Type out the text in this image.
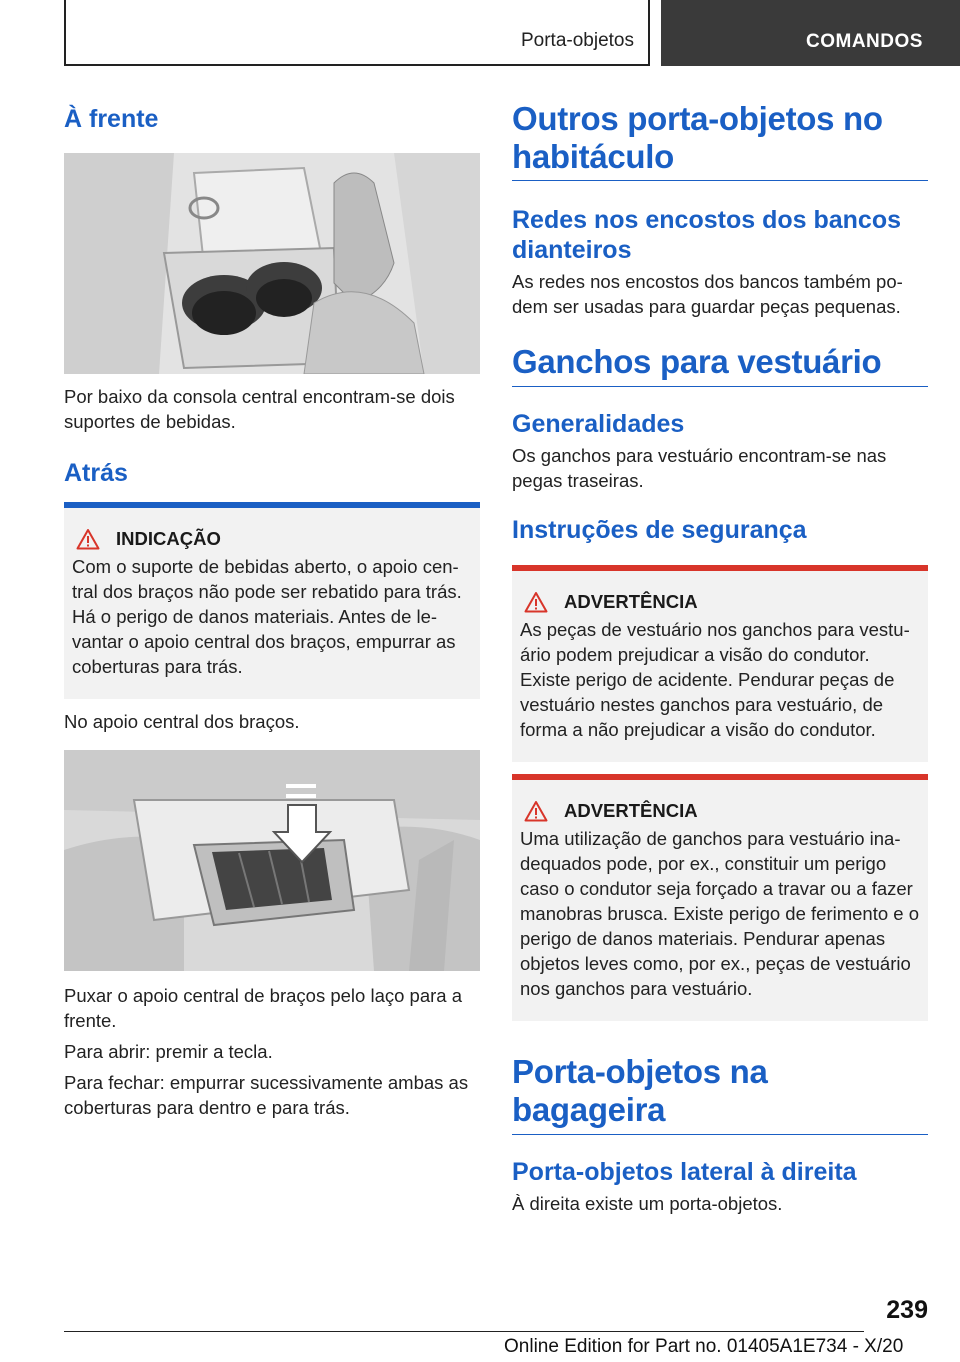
Porta-objetos	COMANDOS
À frente

Por baixo da consola central encontram-se dois suportes de bebidas.

Atrás
INDICAÇÃO

Com o suporte de bebidas aberto, o apoio cen-tral dos braços não pode ser rebatido para trás. Há o perigo de danos materiais. Antes de le-vantar o apoio central dos braços, empurrar as coberturas para trás.

No apoio central dos braços.

Puxar o apoio central de braços pelo laço para a frente.

Para abrir: premir a tecla.

Para fechar: empurrar sucessivamente ambas as coberturas para dentro e para trás.

Outros porta-objetos no habitáculo
Redes nos encostos dos bancos dianteiros

As redes nos encostos dos bancos também po-dem ser usadas para guardar peças pequenas.

Ganchos para vestuário
Generalidades

Os ganchos para vestuário encontram-se nas pegas traseiras.

Instruções de segurança
ADVERTÊNCIA

As peças de vestuário nos ganchos para vestu-ário podem prejudicar a visão do condutor. Existe perigo de acidente. Pendurar peças de vestuário nestes ganchos para vestuário, de forma a não prejudicar a visão do condutor.

ADVERTÊNCIA

Uma utilização de ganchos para vestuário ina-dequados pode, por ex., constituir um perigo caso o condutor seja forçado a travar ou a fazer manobras brusca. Existe perigo de ferimento e o perigo de danos materiais. Pendurar apenas objetos leves como, por ex., peças de vestuário nos ganchos para vestuário.

Porta-objetos na bagageira
Porta-objetos lateral à direita

À direita existe um porta-objetos.

239
Online Edition for Part no. 01405A1E734 - X/20
